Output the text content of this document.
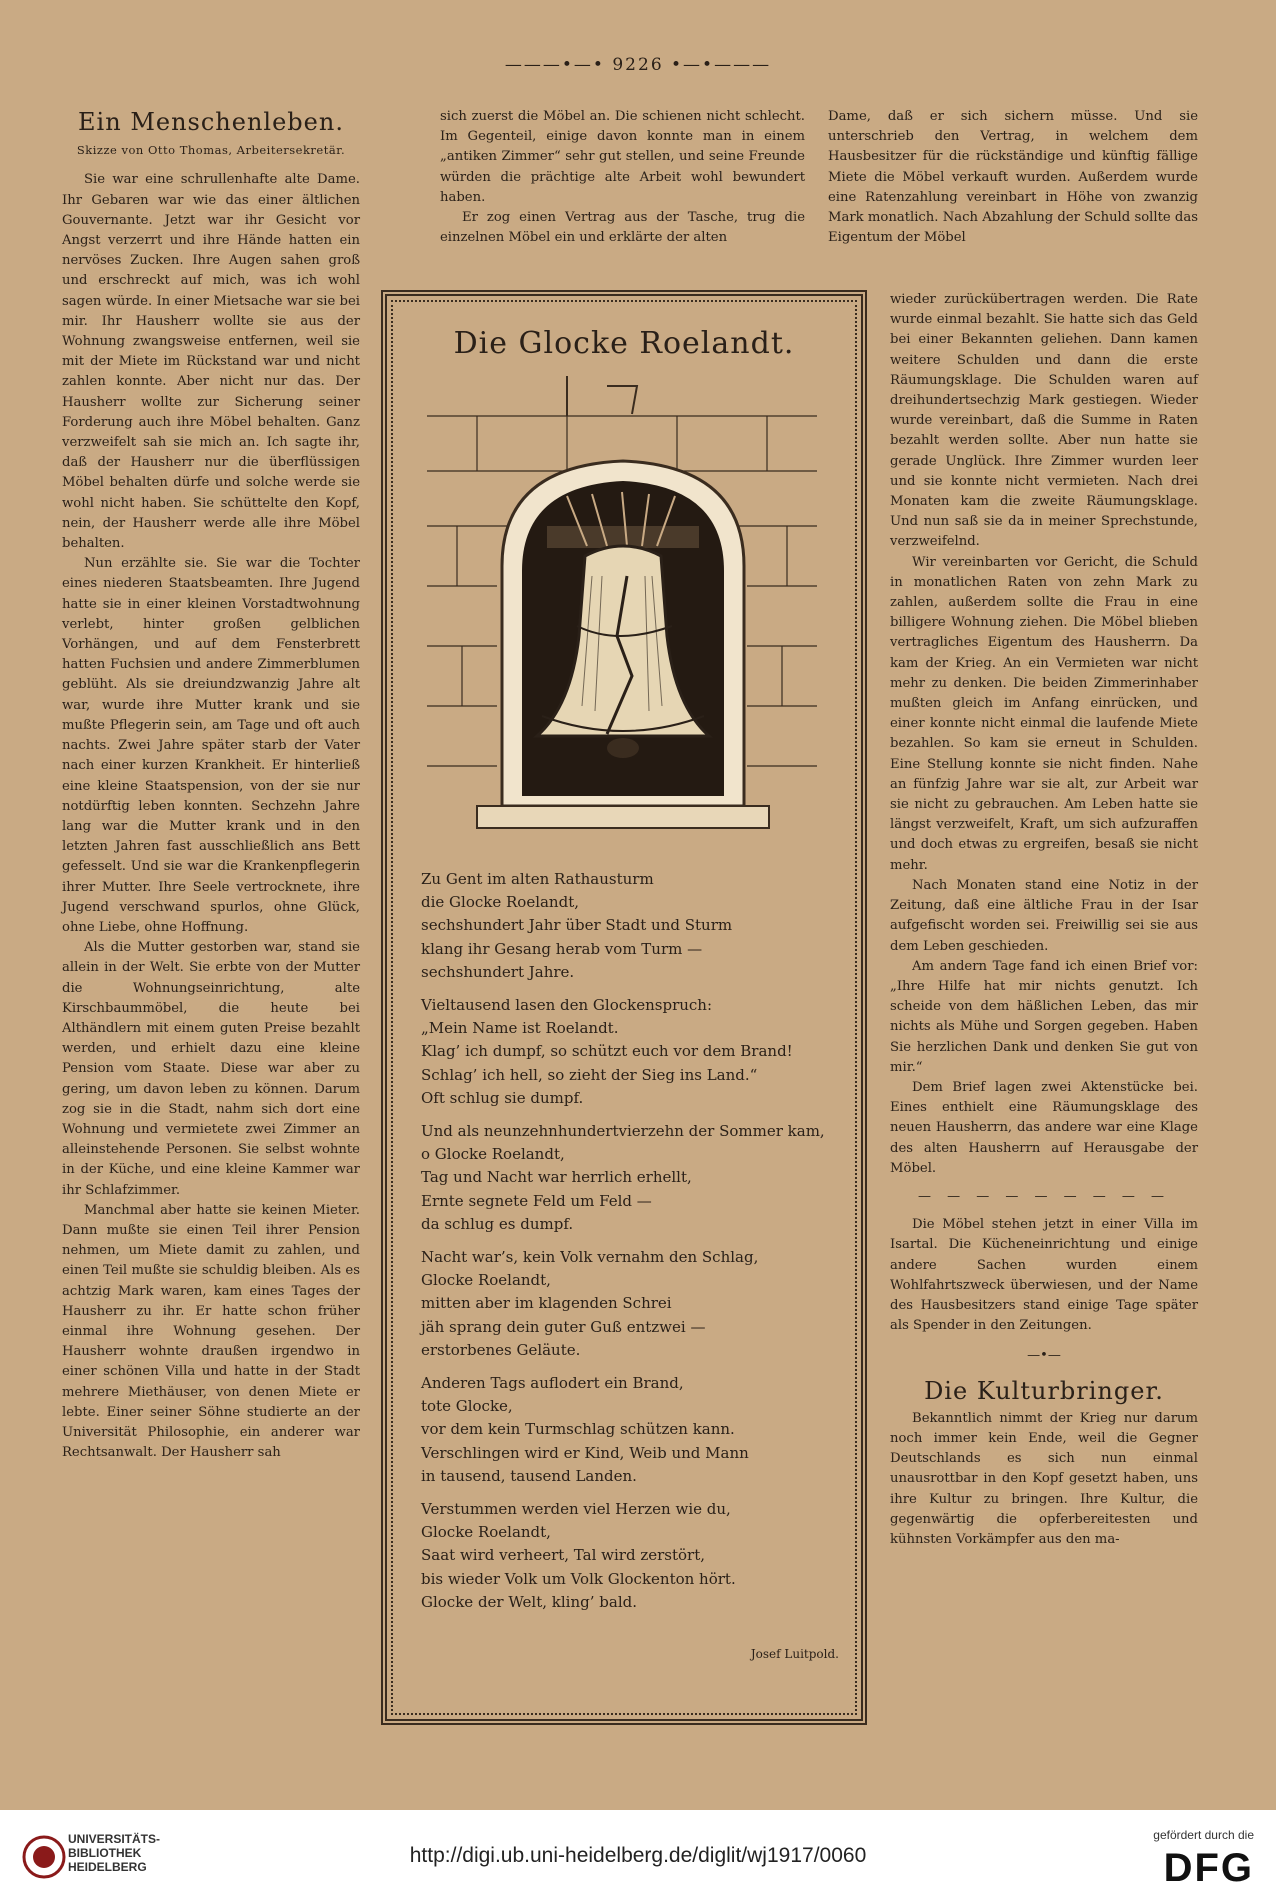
———•—• 9226 •—•———
Ein Menschenleben.
Skizze von Otto Thomas, Arbeitersekretär.

Sie war eine schrullenhafte alte Dame. Ihr Gebaren war wie das einer ältlichen Gouvernante. Jetzt war ihr Gesicht vor Angst verzerrt und ihre Hände hatten ein nervöses Zucken. Ihre Augen sahen groß und erschreckt auf mich, was ich wohl sagen würde. In einer Mietsache war sie bei mir. Ihr Hausherr wollte sie aus der Wohnung zwangsweise entfernen, weil sie mit der Miete im Rückstand war und nicht zahlen konnte. Aber nicht nur das. Der Hausherr wollte zur Sicherung seiner Forderung auch ihre Möbel behalten. Ganz verzweifelt sah sie mich an. Ich sagte ihr, daß der Hausherr nur die überflüssigen Möbel behalten dürfe und solche werde sie wohl nicht haben. Sie schüttelte den Kopf, nein, der Hausherr werde alle ihre Möbel behalten.

Nun erzählte sie. Sie war die Tochter eines niederen Staatsbeamten. Ihre Jugend hatte sie in einer kleinen Vorstadtwohnung verlebt, hinter großen gelblichen Vorhängen, und auf dem Fensterbrett hatten Fuchsien und andere Zimmerblumen geblüht. Als sie dreiundzwanzig Jahre alt war, wurde ihre Mutter krank und sie mußte Pflegerin sein, am Tage und oft auch nachts. Zwei Jahre später starb der Vater nach einer kurzen Krankheit. Er hinterließ eine kleine Staatspension, von der sie nur notdürftig leben konnten. Sechzehn Jahre lang war die Mutter krank und in den letzten Jahren fast ausschließlich ans Bett gefesselt. Und sie war die Krankenpflegerin ihrer Mutter. Ihre Seele vertrocknete, ihre Jugend verschwand spurlos, ohne Glück, ohne Liebe, ohne Hoffnung.

Als die Mutter gestorben war, stand sie allein in der Welt. Sie erbte von der Mutter die Wohnungseinrichtung, alte Kirschbaummöbel, die heute bei Althändlern mit einem guten Preise bezahlt werden, und erhielt dazu eine kleine Pension vom Staate. Diese war aber zu gering, um davon leben zu können. Darum zog sie in die Stadt, nahm sich dort eine Wohnung und vermietete zwei Zimmer an alleinstehende Personen. Sie selbst wohnte in der Küche, und eine kleine Kammer war ihr Schlafzimmer.

Manchmal aber hatte sie keinen Mieter. Dann mußte sie einen Teil ihrer Pension nehmen, um Miete damit zu zahlen, und einen Teil mußte sie schuldig bleiben. Als es achtzig Mark waren, kam eines Tages der Hausherr zu ihr. Er hatte schon früher einmal ihre Wohnung gesehen. Der Hausherr wohnte draußen irgendwo in einer schönen Villa und hatte in der Stadt mehrere Miethäuser, von denen Miete er lebte. Einer seiner Söhne studierte an der Universität Philosophie, ein anderer war Rechtsanwalt. Der Hausherr sah

sich zuerst die Möbel an. Die schienen nicht schlecht. Im Gegenteil, einige davon konnte man in einem „antiken Zimmer“ sehr gut stellen, und seine Freunde würden die prächtige alte Arbeit wohl bewundert haben.

Er zog einen Vertrag aus der Tasche, trug die einzelnen Möbel ein und erklärte der alten

Dame, daß er sich sichern müsse. Und sie unterschrieb den Vertrag, in welchem dem Hausbesitzer für die rückständige und künftig fällige Miete die Möbel verkauft wurden. Außerdem wurde eine Ratenzahlung vereinbart in Höhe von zwanzig Mark monatlich. Nach Abzahlung der Schuld sollte das Eigentum der Möbel

Die Glocke Roelandt.
Zu Gent im alten Rathausturm
die Glocke Roelandt,
sechshundert Jahr über Stadt und Sturm
klang ihr Gesang herab vom Turm —
sechshundert Jahre.
Vieltausend lasen den Glockenspruch:
„Mein Name ist Roelandt.
Klag’ ich dumpf, so schützt euch vor dem Brand!
Schlag’ ich hell, so zieht der Sieg ins Land.“
Oft schlug sie dumpf.
Und als neunzehnhundertvierzehn der Sommer kam,
o Glocke Roelandt,
Tag und Nacht war herrlich erhellt,
Ernte segnete Feld um Feld —
da schlug es dumpf.
Nacht war’s, kein Volk vernahm den Schlag,
Glocke Roelandt,
mitten aber im klagenden Schrei
jäh sprang dein guter Guß entzwei —
erstorbenes Geläute.
Anderen Tags auflodert ein Brand,
tote Glocke,
vor dem kein Turmschlag schützen kann.
Verschlingen wird er Kind, Weib und Mann
in tausend, tausend Landen.
Verstummen werden viel Herzen wie du,
Glocke Roelandt,
Saat wird verheert, Tal wird zerstört,
bis wieder Volk um Volk Glockenton hört.
Glocke der Welt, kling’ bald.
Josef Luitpold.

wieder zurückübertragen werden. Die Rate wurde einmal bezahlt. Sie hatte sich das Geld bei einer Bekannten geliehen. Dann kamen weitere Schulden und dann die erste Räumungsklage. Die Schulden waren auf dreihundertsechzig Mark gestiegen. Wieder wurde vereinbart, daß die Summe in Raten bezahlt werden sollte. Aber nun hatte sie gerade Unglück. Ihre Zimmer wurden leer und sie konnte nicht vermieten. Nach drei Monaten kam die zweite Räumungsklage. Und nun saß sie da in meiner Sprechstunde, verzweifelnd.

Wir vereinbarten vor Gericht, die Schuld in monatlichen Raten von zehn Mark zu zahlen, außerdem sollte die Frau in eine billigere Wohnung ziehen. Die Möbel blieben vertragliches Eigentum des Hausherrn. Da kam der Krieg. An ein Vermieten war nicht mehr zu denken. Die beiden Zimmerinhaber mußten gleich im Anfang einrücken, und einer konnte nicht einmal die laufende Miete bezahlen. So kam sie erneut in Schulden. Eine Stellung konnte sie nicht finden. Nahe an fünfzig Jahre war sie alt, zur Arbeit war sie nicht zu gebrauchen. Am Leben hatte sie längst verzweifelt, Kraft, um sich aufzuraffen und doch etwas zu ergreifen, besaß sie nicht mehr.

Nach Monaten stand eine Notiz in der Zeitung, daß eine ältliche Frau in der Isar aufgefischt worden sei. Freiwillig sei sie aus dem Leben geschieden.

Am andern Tage fand ich einen Brief vor: „Ihre Hilfe hat mir nichts genutzt. Ich scheide von dem häßlichen Leben, das mir nichts als Mühe und Sorgen gegeben. Haben Sie herzlichen Dank und denken Sie gut von mir.“

Dem Brief lagen zwei Aktenstücke bei. Eines enthielt eine Räumungsklage des neuen Hausherrn, das andere war eine Klage des alten Hausherrn auf Herausgabe der Möbel.

— — — — — — — — —

Die Möbel stehen jetzt in einer Villa im Isartal. Die Kücheneinrichtung und einige andere Sachen wurden einem Wohlfahrtszweck überwiesen, und der Name des Hausbesitzers stand einige Tage später als Spender in den Zeitungen.

—•—
Die Kulturbringer.

Bekanntlich nimmt der Krieg nur darum noch immer kein Ende, weil die Gegner Deutschlands es sich nun einmal unausrottbar in den Kopf gesetzt haben, uns ihre Kultur zu bringen. Ihre Kultur, die gegenwärtig die opferbereitesten und kühnsten Vorkämpfer aus den ma-

UNIVERSITÄTS-
BIBLIOTHEK
HEIDELBERG	http://digi.ub.uni-heidelberg.de/diglit/wj1917/0060
gefördert durch die
DFG
